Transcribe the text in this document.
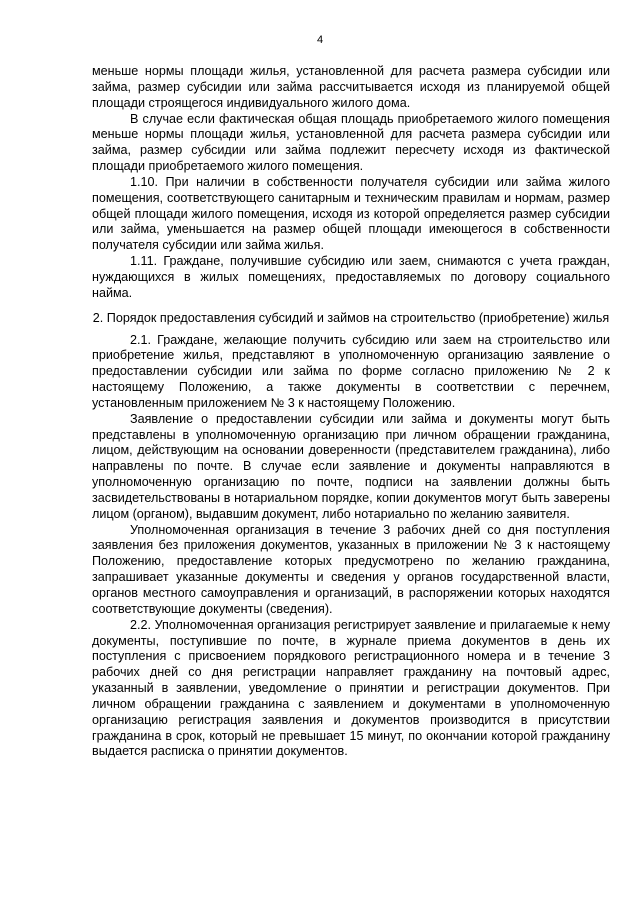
4

меньше нормы площади жилья, установленной для расчета размера субсидии или займа, размер субсидии или займа рассчитывается исходя из планируемой общей площади строящегося индивидуального жилого дома.

В случае если фактическая общая площадь приобретаемого жилого помещения меньше нормы площади жилья, установленной для расчета размера субсидии или займа, размер субсидии или займа подлежит пересчету исходя из фактической площади приобретаемого жилого помещения.

1.10. При наличии в собственности получателя субсидии или займа жилого помещения, соответствующего санитарным и техническим правилам и нормам, размер общей площади жилого помещения, исходя из которой определяется размер субсидии или займа, уменьшается на размер общей площади имеющегося в собственности получателя субсидии или займа жилья.

1.11. Граждане, получившие субсидию или заем, снимаются с учета граждан, нуждающихся в жилых помещениях, предоставляемых по договору социального найма.

2. Порядок предоставления субсидий и займов на строительство (приобретение) жилья

2.1. Граждане, желающие получить субсидию или заем на строительство или приобретение жилья, представляют в уполномоченную организацию заявление о предоставлении субсидии или займа по форме согласно приложению № 2 к настоящему Положению, а также документы в соответствии с перечнем, установленным приложением № 3 к настоящему Положению.

Заявление о предоставлении субсидии или займа и документы могут быть представлены в уполномоченную организацию при личном обращении гражданина, лицом, действующим на основании доверенности (представителем гражданина), либо направлены по почте. В случае если заявление и документы направляются в уполномоченную организацию по почте, подписи на заявлении должны быть засвидетельствованы в нотариальном порядке, копии документов могут быть заверены лицом (органом), выдавшим документ, либо нотариально по желанию заявителя.

Уполномоченная организация в течение 3 рабочих дней со дня поступления заявления без приложения документов, указанных в приложении № 3 к настоящему Положению, предоставление которых предусмотрено по желанию гражданина, запрашивает указанные документы и сведения у органов государственной власти, органов местного самоуправления и организаций, в распоряжении которых находятся соответствующие документы (сведения).

2.2. Уполномоченная организация регистрирует заявление и прилагаемые к нему документы, поступившие по почте, в журнале приема документов в день их поступления с присвоением порядкового регистрационного номера и в течение 3 рабочих дней со дня регистрации направляет гражданину на почтовый адрес, указанный в заявлении, уведомление о принятии и регистрации документов. При личном обращении гражданина с заявлением и документами в уполномоченную организацию регистрация заявления и документов производится в присутствии гражданина в срок, который не превышает 15 минут, по окончании которой гражданину выдается расписка о принятии документов.
